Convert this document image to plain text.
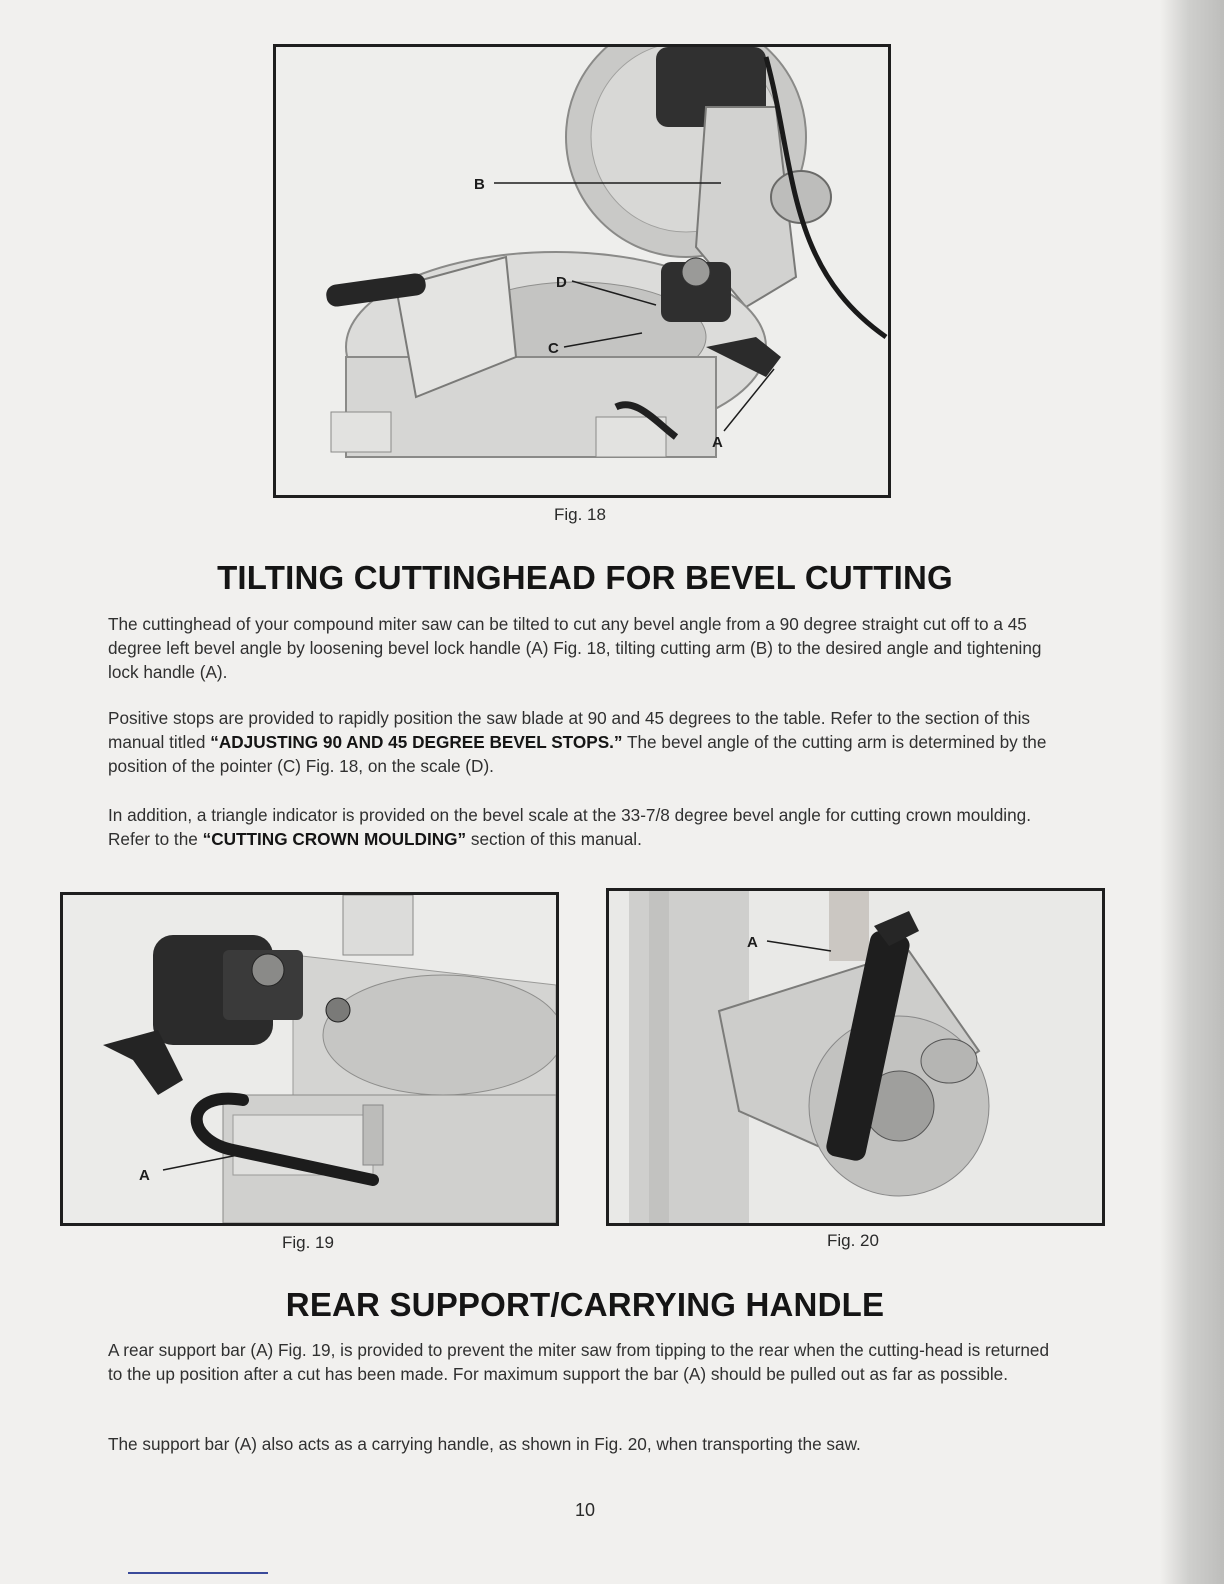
B
D
C
A
Fig. 18
TILTING CUTTINGHEAD FOR BEVEL CUTTING

The cuttinghead of your compound miter saw can be tilted to cut any bevel angle from a 90 degree straight cut off to a 45 degree left bevel angle by loosening bevel lock handle (A) Fig. 18, tilting cutting arm (B) to the desired angle and tightening lock handle (A).

Positive stops are provided to rapidly position the saw blade at 90 and 45 degrees to the table. Refer to the section of this manual titled “ADJUSTING 90 AND 45 DEGREE BEVEL STOPS.” The bevel angle of the cutting arm is determined by the position of the pointer (C) Fig. 18, on the scale (D).

In addition, a triangle indicator is provided on the bevel scale at the 33-7/8 degree bevel angle for cutting crown moulding. Refer to the “CUTTING CROWN MOULDING” section of this manual.

A
Fig. 19
A
Fig. 20
REAR SUPPORT/CARRYING HANDLE

A rear support bar (A) Fig. 19, is provided to prevent the miter saw from tipping to the rear when the cutting-head is returned to the up position after a cut has been made. For maximum support the bar (A) should be pulled out as far as possible.

The support bar (A) also acts as a carrying handle, as shown in Fig. 20, when transporting the saw.

10
